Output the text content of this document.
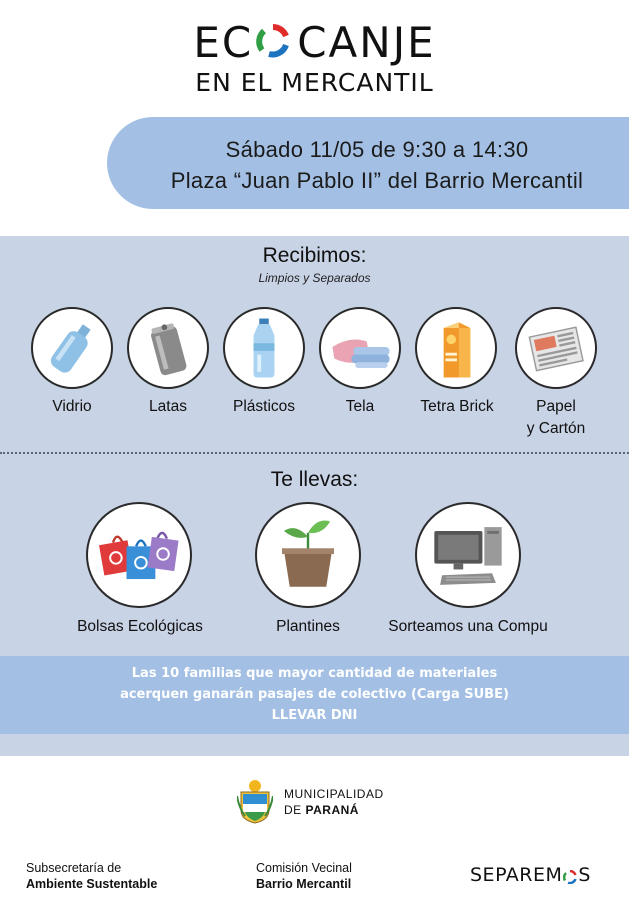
EC CANJE
EN EL MERCANTIL
Sábado 11/05 de 9:30 a 14:30
Plaza “Juan Pablo II” del Barrio Mercantil
Recibimos:
Limpios y Separados
Vidrio	Latas	Plásticos	Tela	Tetra Brick	Papel
y Cartón
Te llevas:
Bolsas Ecológicas	Plantines	Sorteamos una Compu
Las 10 familias que mayor cantidad de materiales
acerquen ganarán pasajes de colectivo (Carga SUBE)
LLEVAR DNI
MUNICIPALIDAD
DE PARANÁ
Subsecretaría de
Ambiente Sustentable
Comisión Vecinal
Barrio Mercantil	SEPAREM S
